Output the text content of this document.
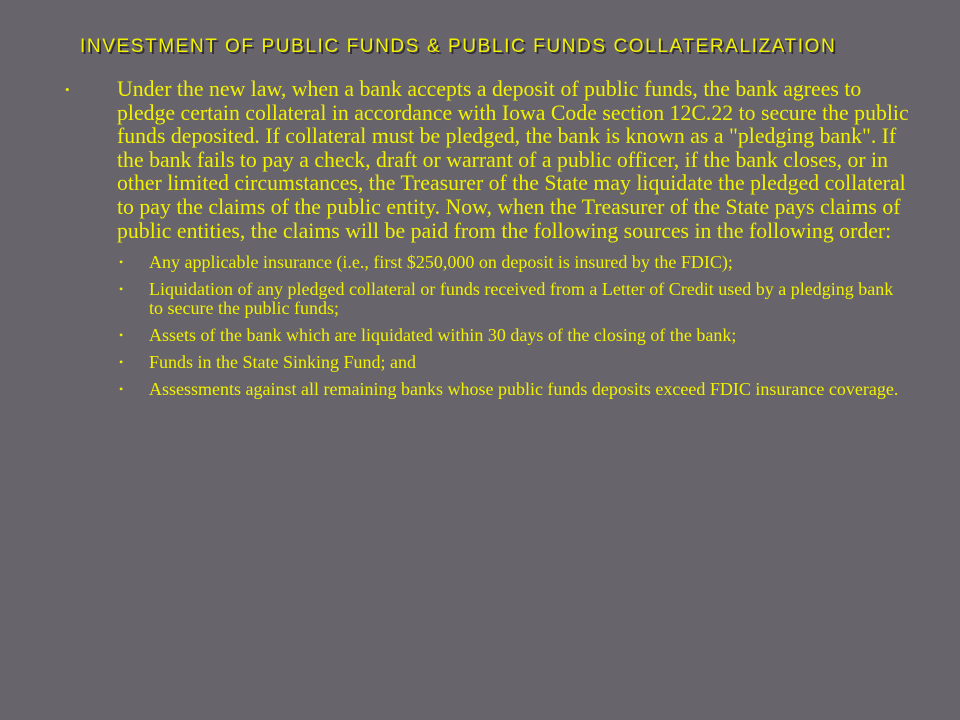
INVESTMENT OF PUBLIC FUNDS & PUBLIC FUNDS COLLATERALIZATION
• Under the new law, when a bank accepts a deposit of public funds, the bank agrees to pledge certain collateral in accordance with Iowa Code section 12C.22 to secure the public funds deposited. If collateral must be pledged, the bank is known as a "pledging bank". If the bank fails to pay a check, draft or warrant of a public officer, if the bank closes, or in other limited circumstances, the Treasurer of the State may liquidate the pledged collateral to pay the claims of the public entity. Now, when the Treasurer of the State pays claims of public entities, the claims will be paid from the following sources in the following order:
• Any applicable insurance (i.e., first $250,000 on deposit is insured by the FDIC);
• Liquidation of any pledged collateral or funds received from a Letter of Credit used by a pledging bank to secure the public funds;
• Assets of the bank which are liquidated within 30 days of the closing of the bank;
• Funds in the State Sinking Fund; and
• Assessments against all remaining banks whose public funds deposits exceed FDIC insurance coverage.
